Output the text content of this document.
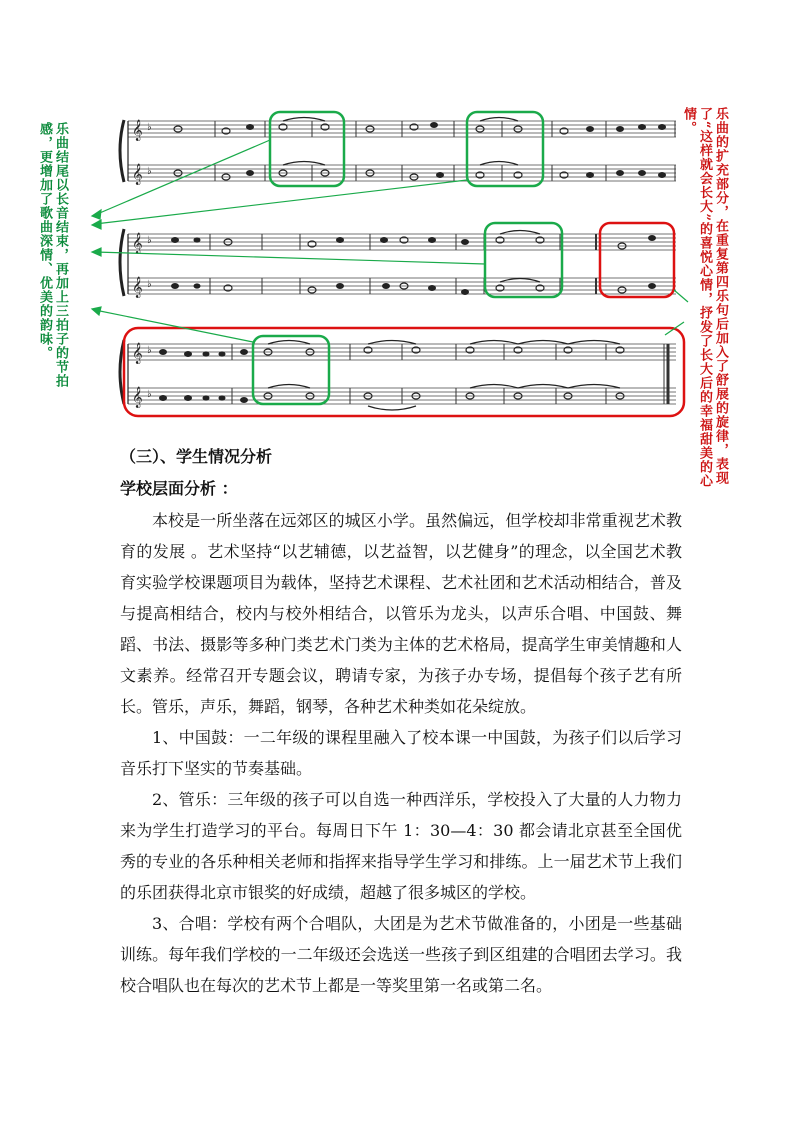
𝄞
𝄞
♭
♭
𝄞
𝄞
♭
♭
𝄞
𝄞
♭
♭
乐曲结尾以长音结束，再加上三拍子的节拍感，更增加了歌曲深情、优美的韵味。	乐曲的扩充部分，在重复第四乐句后加入了舒展的旋律，表现了“这样就会长大”的喜悦心情，抒发了长大后的幸福甜美的心情。
（三）、学生情况分析
学校层面分析 ：

本校是一所坐落在远郊区的城区小学。虽然偏远，但学校却非常重视艺术教育的发展 。艺术坚持“以艺辅德，以艺益智，以艺健身”的理念，以全国艺术教育实验学校课题项目为载体，坚持艺术课程、艺术社团和艺术活动相结合，普及与提高相结合，校内与校外相结合，以管乐为龙头，以声乐合唱、中国鼓、舞蹈、书法、摄影等多种门类艺术门类为主体的艺术格局，提高学生审美情趣和人文素养。经常召开专题会议，聘请专家，为孩子办专场，提倡每个孩子艺有所长。管乐，声乐，舞蹈，钢琴，各种艺术种类如花朵绽放。

1、中国鼓：一二年级的课程里融入了校本课一中国鼓，为孩子们以后学习音乐打下坚实的节奏基础。

2、管乐：三年级的孩子可以自选一种西洋乐，学校投入了大量的人力物力来为学生打造学习的平台。每周日下午 1：30—4：30 都会请北京甚至全国优秀的专业的各乐种相关老师和指挥来指导学生学习和排练。上一届艺术节上我们的乐团获得北京市银奖的好成绩，超越了很多城区的学校。

3、合唱：学校有两个合唱队，大团是为艺术节做准备的，小团是一些基础训练。每年我们学校的一二年级还会选送一些孩子到区组建的合唱团去学习。我校合唱队也在每次的艺术节上都是一等奖里第一名或第二名。
